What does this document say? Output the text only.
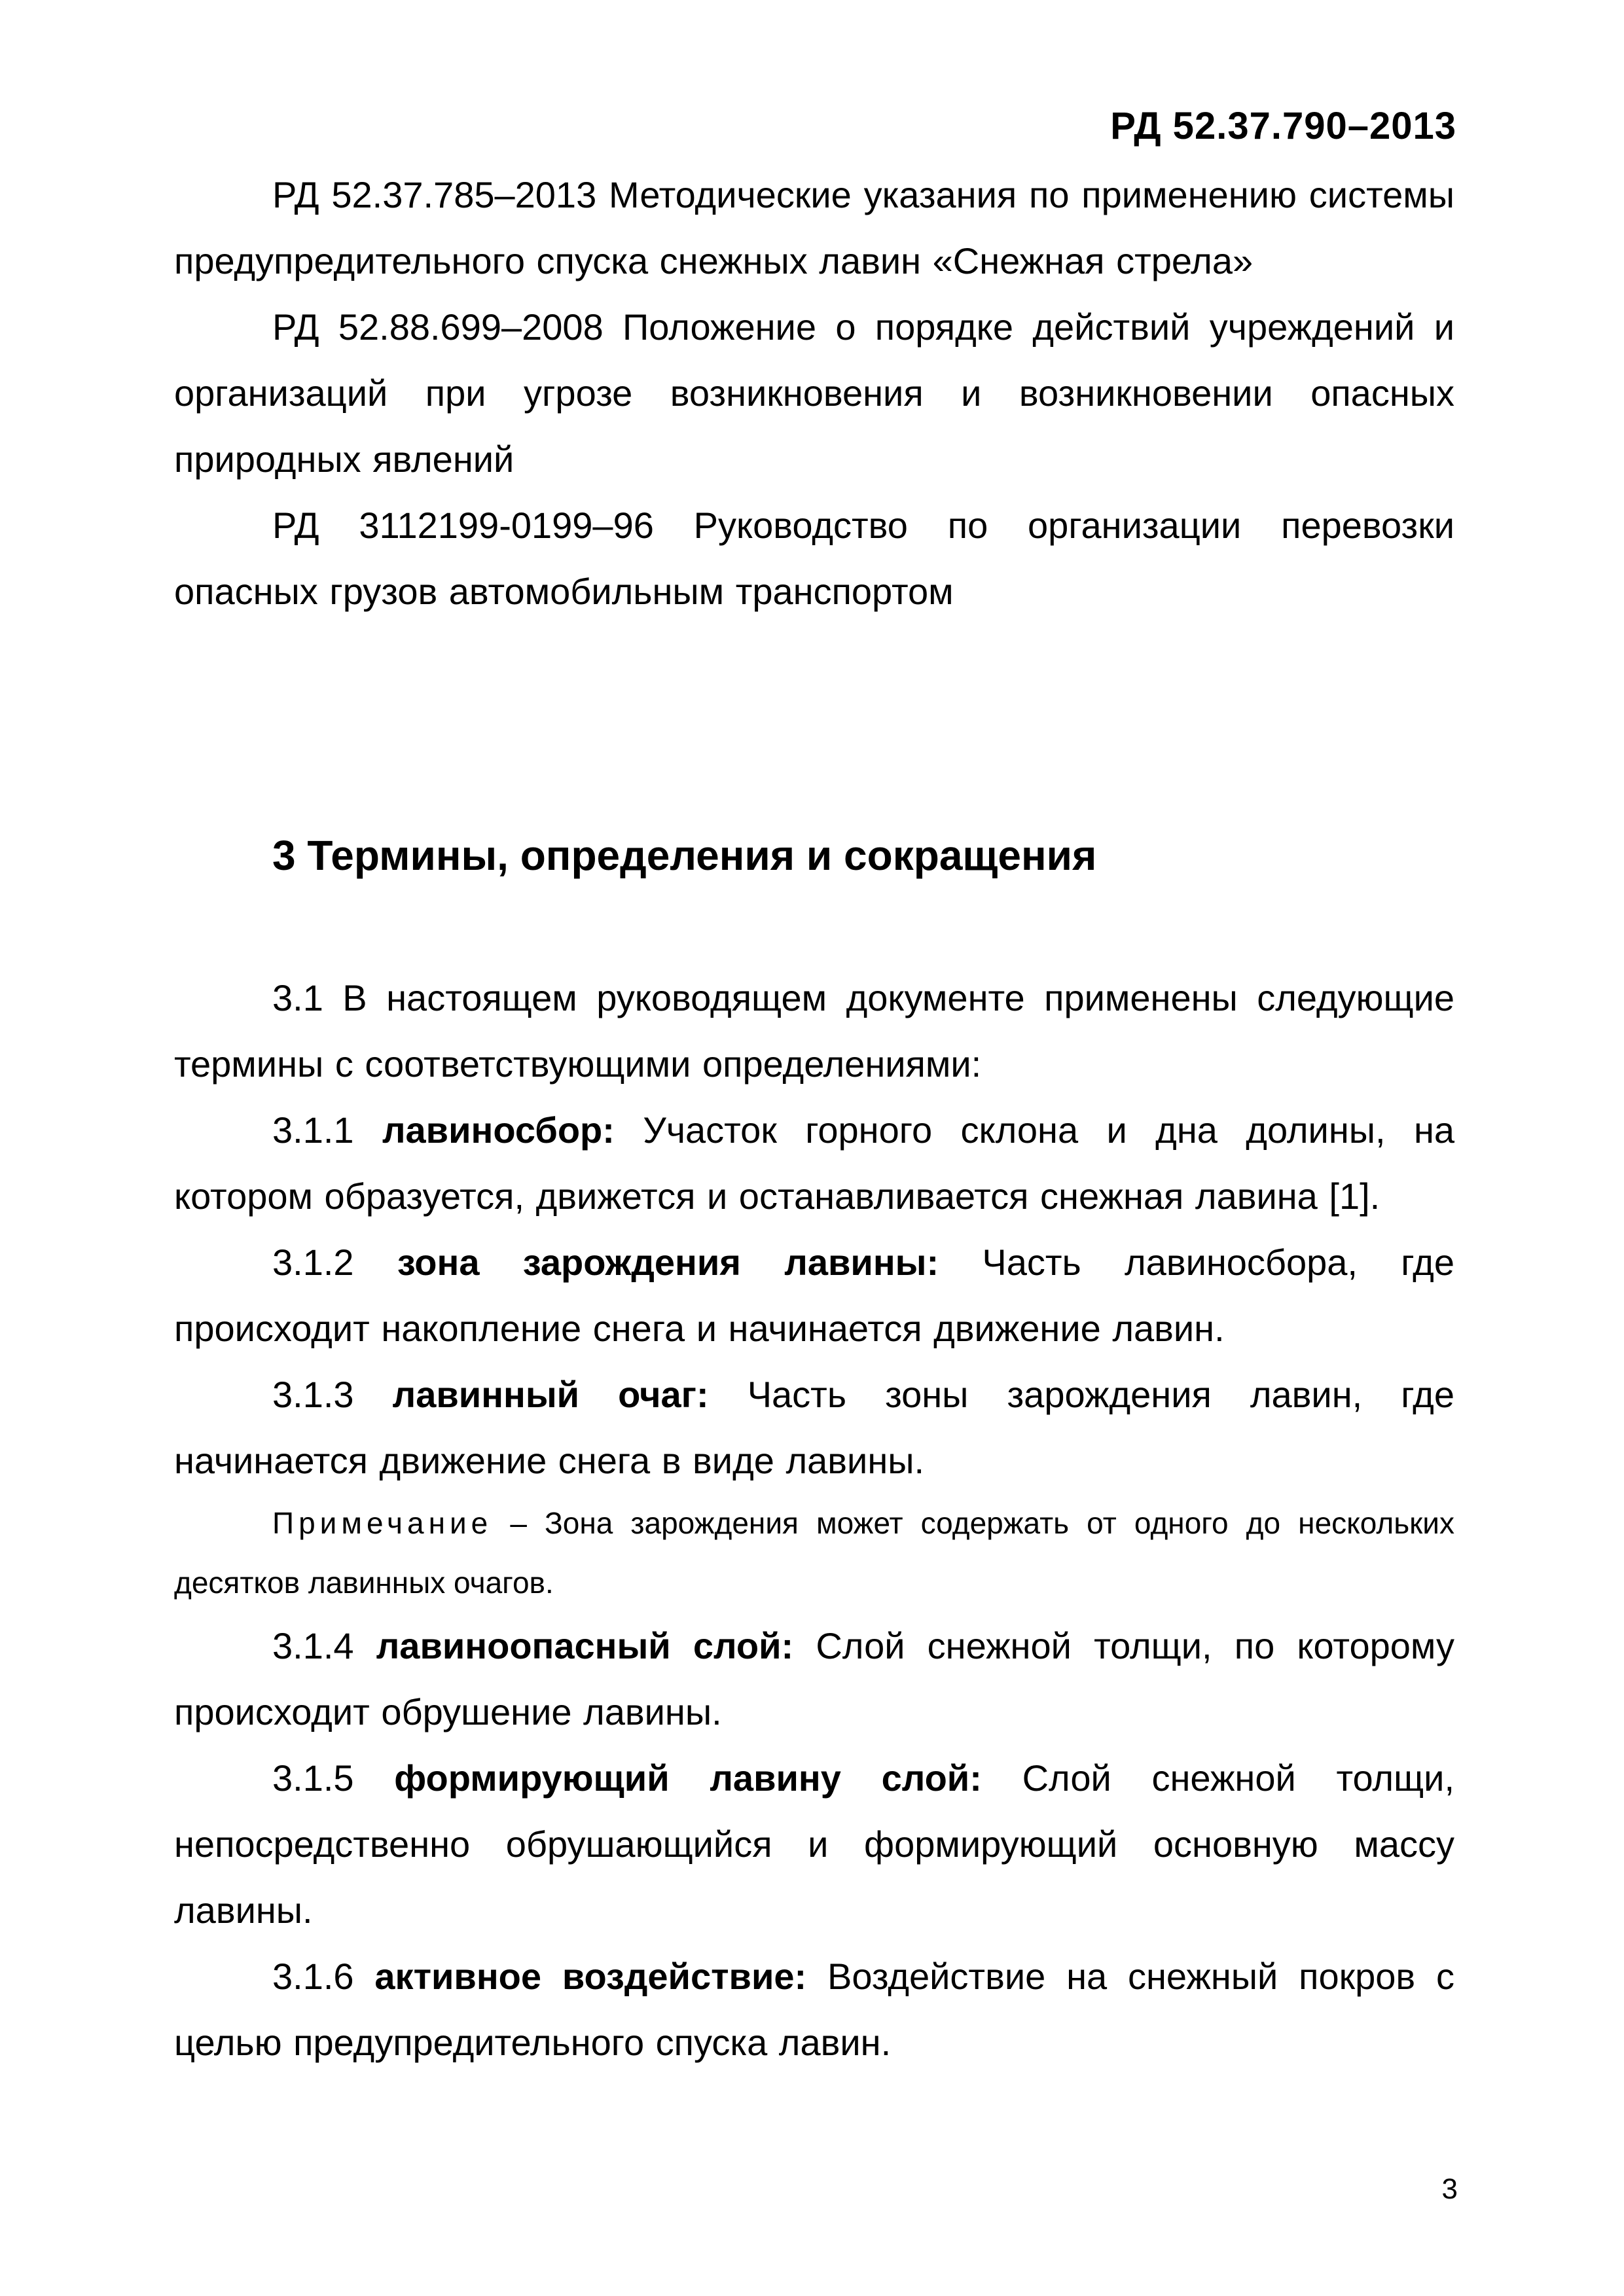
РД 52.37.790–2013

РД 52.37.785–2013 Методические указания по применению системы предупредительного спуска снежных лавин «Снежная стрела»

РД 52.88.699–2008 Положение о порядке действий учреждений и организаций при угрозе возникновения и возникновении опасных природных явлений

РД 3112199-0199–96 Руководство по организации перевозки опасных грузов автомобильным транспортом

3 Термины, определения и сокращения

3.1 В настоящем руководящем документе применены следующие термины с соответствующими определениями:

3.1.1 лавиносбор: Участок горного склона и дна долины, на котором образуется, движется и останавливается снежная лавина [1].

3.1.2 зона зарождения лавины: Часть лавиносбора, где происходит накопление снега и начинается движение лавин.

3.1.3 лавинный очаг: Часть зоны зарождения лавин, где начинается движение снега в виде лавины.

Примечание – Зона зарождения может содержать от одного до нескольких десятков лавинных очагов.

3.1.4 лавиноопасный слой: Слой снежной толщи, по которому происходит обрушение лавины.

3.1.5 формирующий лавину слой: Слой снежной толщи, непосредственно обрушающийся и формирующий основную массу лавины.

3.1.6 активное воздействие: Воздействие на снежный покров с целью предупредительного спуска лавин.

3
